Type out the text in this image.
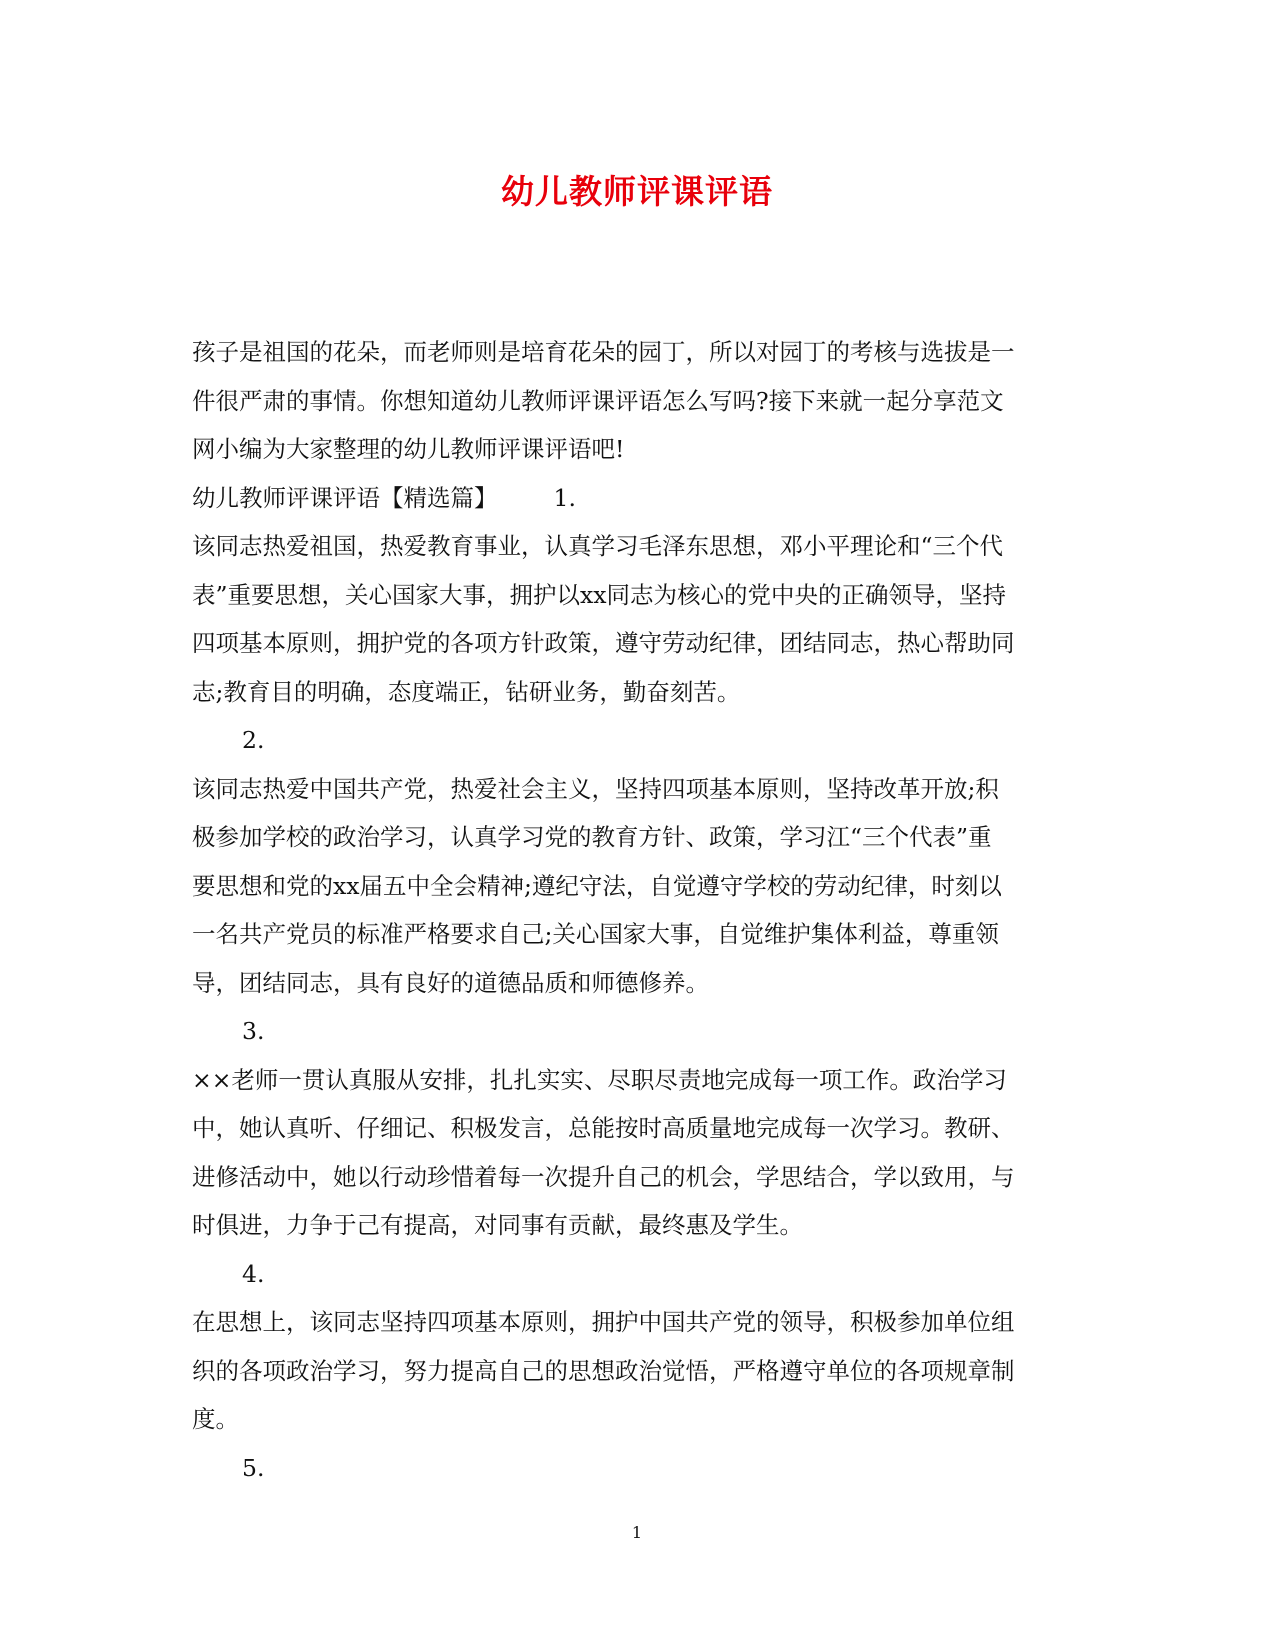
幼儿教师评课评语
孩子是祖国的花朵，而老师则是培育花朵的园丁，所以对园丁的考核与选拔是一
件很严肃的事情。你想知道幼儿教师评课评语怎么写吗?接下来就一起分享范文
网小编为大家整理的幼儿教师评课评语吧!
幼儿教师评课评语【精选篇】 1.
该同志热爱祖国，热爱教育事业，认真学习毛泽东思想，邓小平理论和“三个代
表”重要思想，关心国家大事，拥护以xx同志为核心的党中央的正确领导，坚持
四项基本原则，拥护党的各项方针政策，遵守劳动纪律，团结同志，热心帮助同
志;教育目的明确，态度端正，钻研业务，勤奋刻苦。
2.
该同志热爱中国共产党，热爱社会主义，坚持四项基本原则，坚持改革开放;积
极参加学校的政治学习，认真学习党的教育方针、政策，学习江“三个代表”重
要思想和党的xx届五中全会精神;遵纪守法，自觉遵守学校的劳动纪律，时刻以
一名共产党员的标准严格要求自己;关心国家大事，自觉维护集体利益，尊重领
导，团结同志，具有良好的道德品质和师德修养。
3.
××老师一贯认真服从安排，扎扎实实、尽职尽责地完成每一项工作。政治学习
中，她认真听、仔细记、积极发言，总能按时高质量地完成每一次学习。教研、
进修活动中，她以行动珍惜着每一次提升自己的机会，学思结合，学以致用，与
时俱进，力争于己有提高，对同事有贡献，最终惠及学生。
4.
在思想上，该同志坚持四项基本原则，拥护中国共产党的领导，积极参加单位组
织的各项政治学习，努力提高自己的思想政治觉悟，严格遵守单位的各项规章制
度。
5.
1
